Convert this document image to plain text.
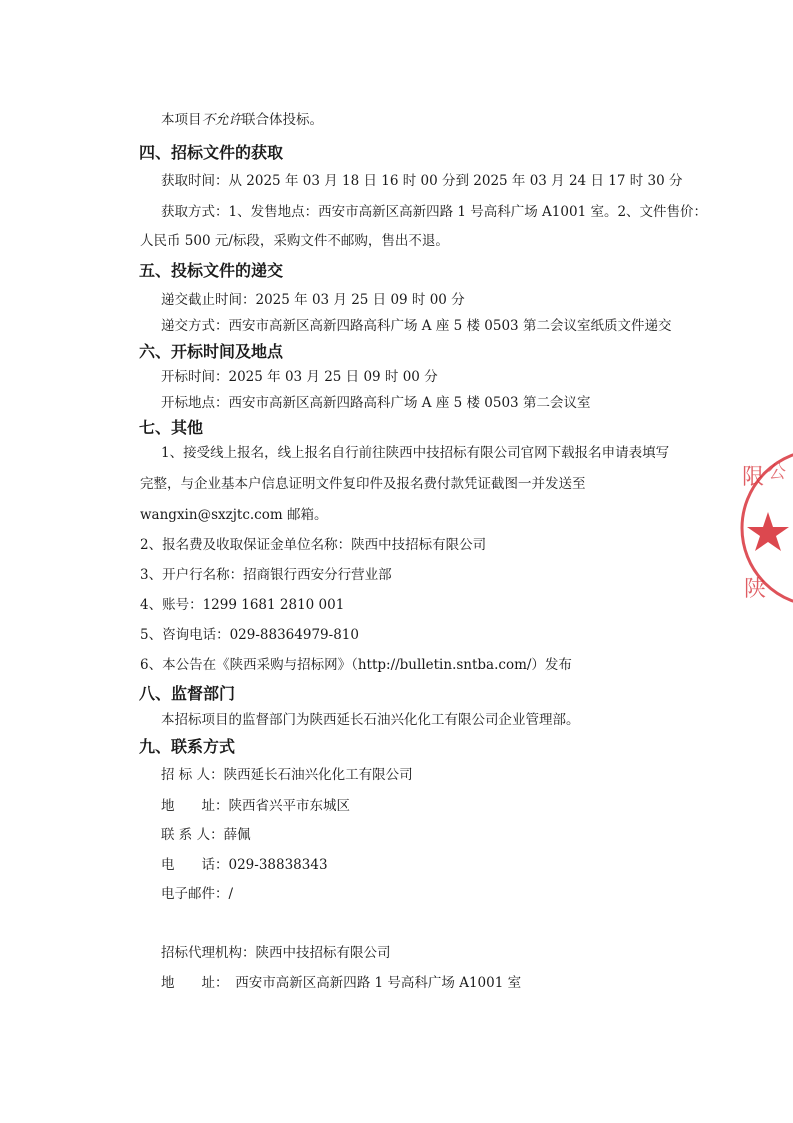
本项目不允许联合体投标。
四、招标文件的获取
获取时间：从 2025 年 03 月 18 日 16 时 00 分到 2025 年 03 月 24 日 17 时 30 分
获取方式：1、发售地点：西安市高新区高新四路 1 号高科广场 A1001 室。2、文件售价：
人民币 500 元/标段，采购文件不邮购，售出不退。
五、投标文件的递交
递交截止时间：2025 年 03 月 25 日 09 时 00 分
递交方式：西安市高新区高新四路高科广场 A 座 5 楼 0503 第二会议室纸质文件递交
六、开标时间及地点
开标时间：2025 年 03 月 25 日 09 时 00 分
开标地点：西安市高新区高新四路高科广场 A 座 5 楼 0503 第二会议室
七、其他
1、接受线上报名，线上报名自行前往陕西中技招标有限公司官网下载报名申请表填写
完整，与企业基本户信息证明文件复印件及报名费付款凭证截图一并发送至
wangxin@sxzjtc.com 邮箱。
2、报名费及收取保证金单位名称：陕西中技招标有限公司
3、开户行名称：招商银行西安分行营业部
4、账号：1299 1681 2810 001
5、咨询电话：029-88364979-810
6、本公告在《陕西采购与招标网》（http://bulletin.sntba.com/）发布
八、监督部门
本招标项目的监督部门为陕西延长石油兴化化工有限公司企业管理部。
九、联系方式
招 标 人：陕西延长石油兴化化工有限公司
地　　址：陕西省兴平市东城区
联 系 人：薛佩
电　　话：029-38838343
电子邮件：/
招标代理机构：陕西中技招标有限公司
地　　址：　西安市高新区高新四路 1 号高科广场 A1001 室
限 公
陕
